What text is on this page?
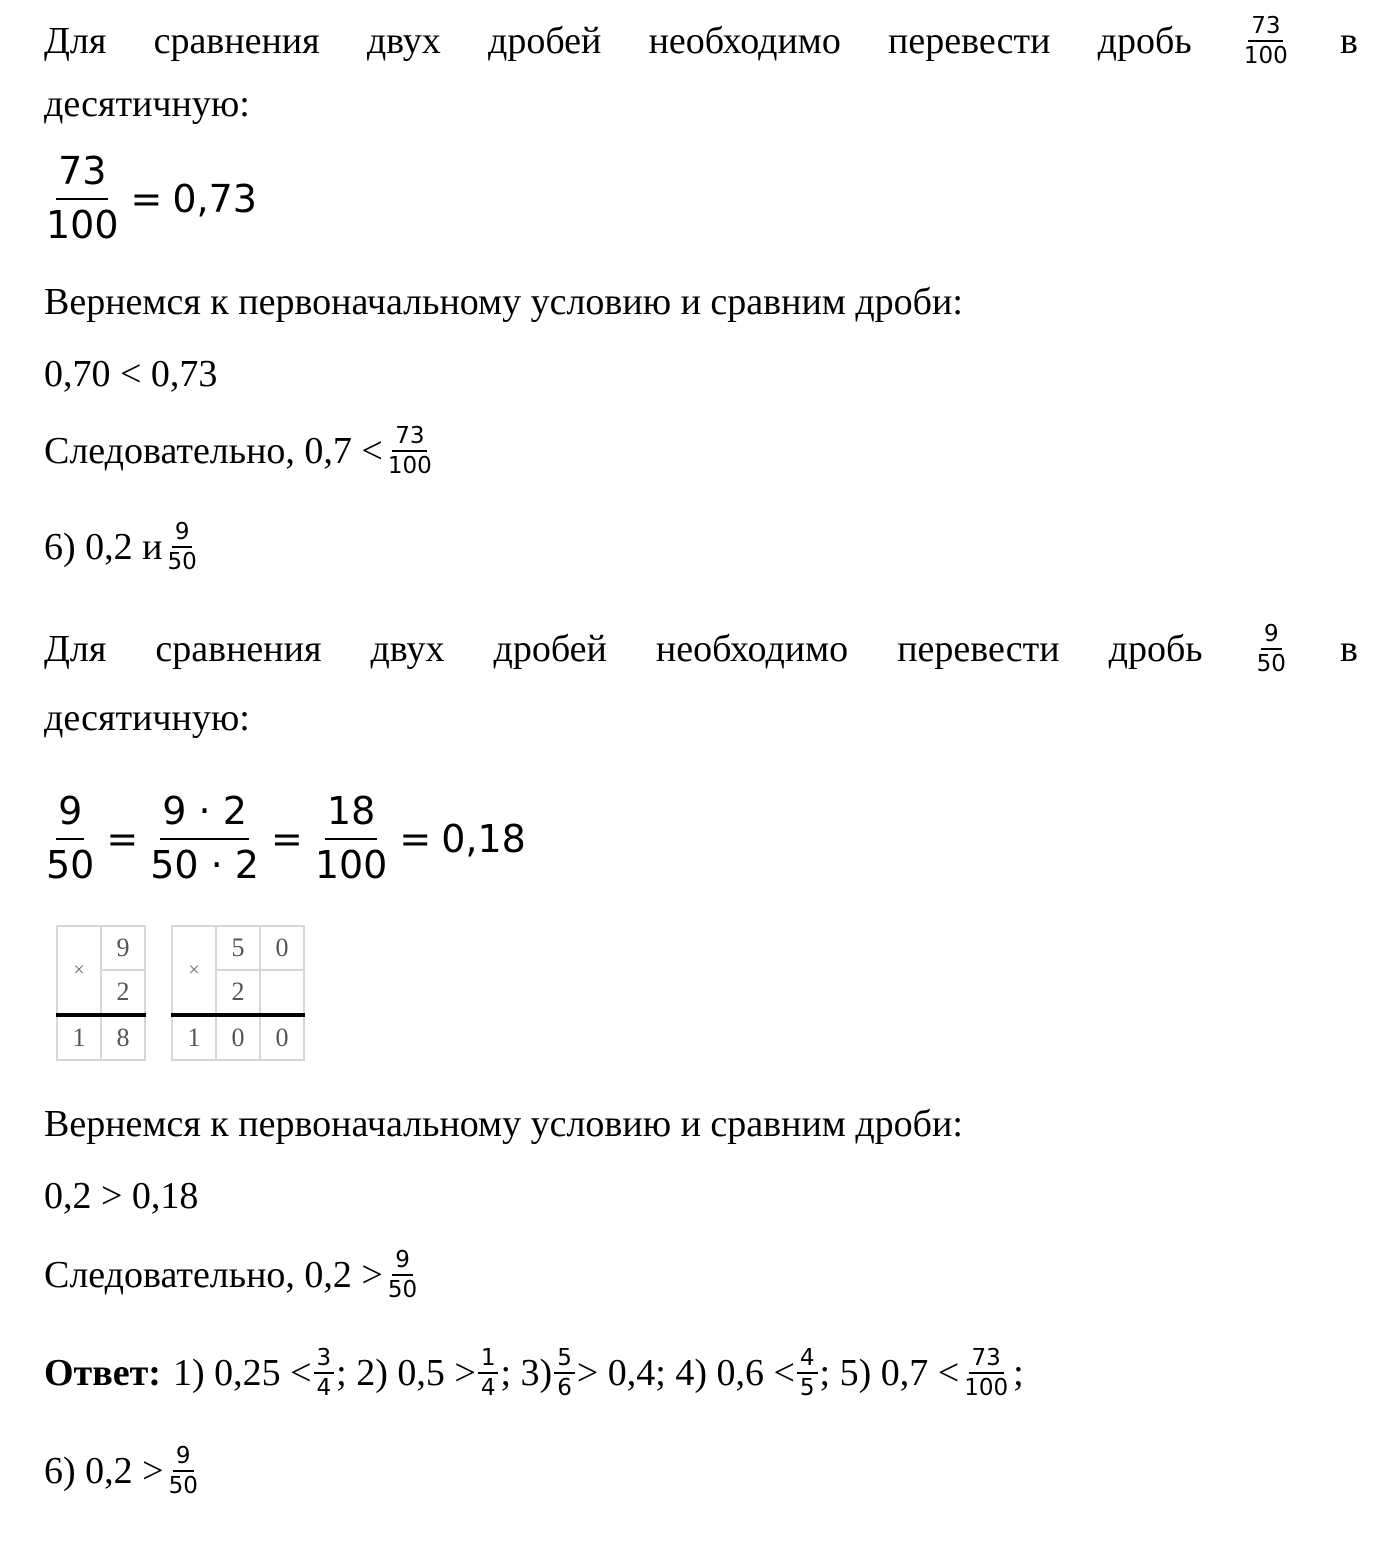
Для сравнения двух дробей необходимо перевести дробь $\frac{73}{100}$ в
десятичную:
$\frac{73}{100} = 0,73$
Вернемся к первоначальному условию и сравним дроби:
0,70 < 0,73
Следовательно, $0,7 < \frac{73}{100}$
6) 0,2 и $\frac{9}{50}$
Для сравнения двух дробей необходимо перевести дробь $\frac{9}{50}$ в
десятичную:
$\frac{9}{50} = \frac{9 \cdot 2}{50 \cdot 2} = \frac{18}{100} = 0,18$
×	9
	2
1	8
×	5	0
	2	
1	0	0
Вернемся к первоначальному условию и сравним дроби:
0,2 > 0,18
Следовательно, $0,2 > \frac{9}{50}$
Ответ: 1) $0,25 < \frac{3}{4}$ ; 2) $0,5 > \frac{1}{4}$ ; $3) \frac{5}{6} > 0,4$; 4) $0,6 < \frac{4}{5}$ ; 5) $0,7 < \frac{73}{100}$ ;
6) $0,2 > \frac{9}{50}$
